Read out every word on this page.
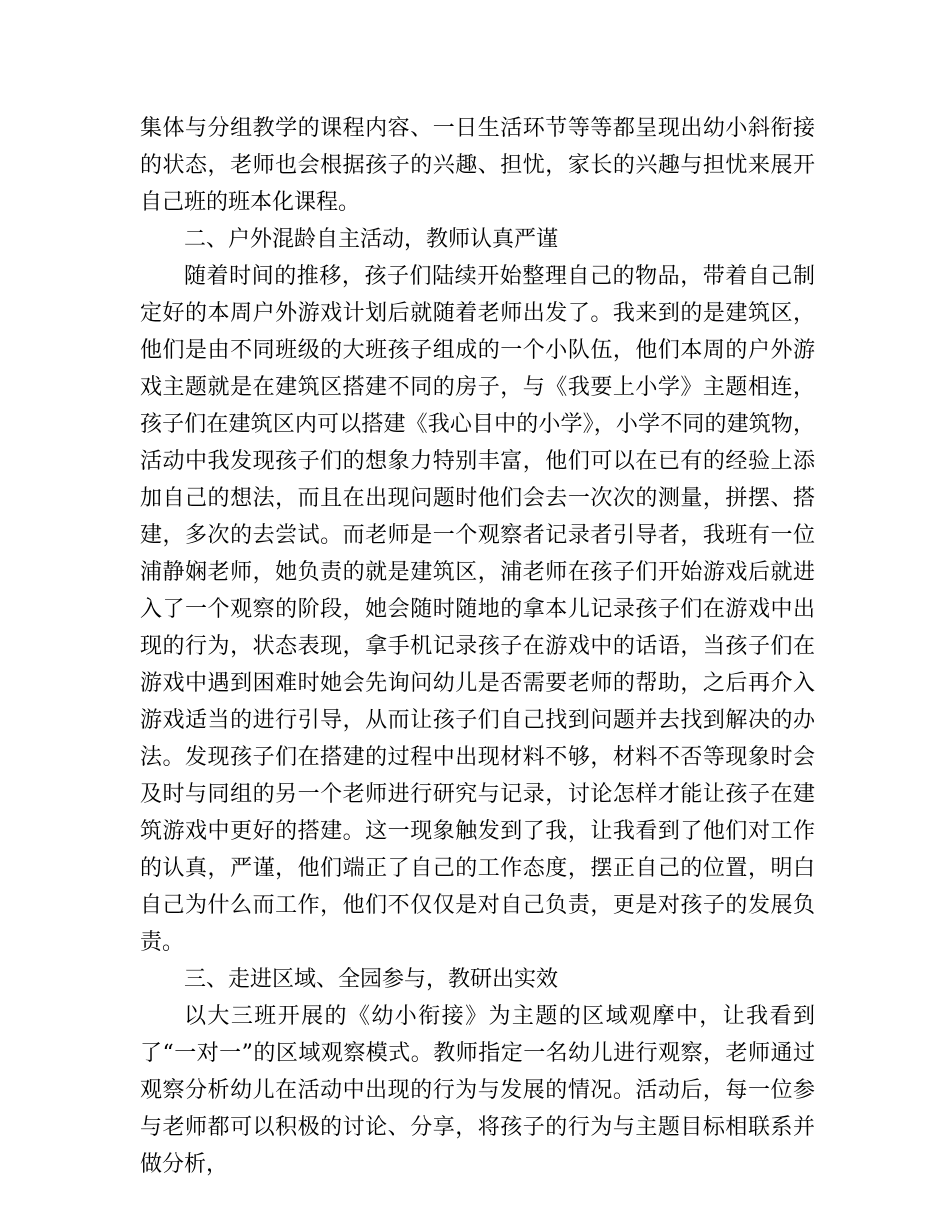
集体与分组教学的课程内容、一日生活环节等等都呈现出幼小斜衔接的状态，老师也会根据孩子的兴趣、担忧，家长的兴趣与担忧来展开自己班的班本化课程。

二、户外混龄自主活动，教师认真严谨

随着时间的推移，孩子们陆续开始整理自己的物品，带着自己制定好的本周户外游戏计划后就随着老师出发了。我来到的是建筑区，他们是由不同班级的大班孩子组成的一个小队伍，他们本周的户外游戏主题就是在建筑区搭建不同的房子，与《我要上小学》主题相连，孩子们在建筑区内可以搭建《我心目中的小学》，小学不同的建筑物，活动中我发现孩子们的想象力特别丰富，他们可以在已有的经验上添加自己的想法，而且在出现问题时他们会去一次次的测量，拼摆、搭建，多次的去尝试。而老师是一个观察者记录者引导者，我班有一位浦静娴老师，她负责的就是建筑区，浦老师在孩子们开始游戏后就进入了一个观察的阶段，她会随时随地的拿本儿记录孩子们在游戏中出现的行为，状态表现，拿手机记录孩子在游戏中的话语，当孩子们在游戏中遇到困难时她会先询问幼儿是否需要老师的帮助，之后再介入游戏适当的进行引导，从而让孩子们自己找到问题并去找到解决的办法。发现孩子们在搭建的过程中出现材料不够，材料不否等现象时会及时与同组的另一个老师进行研究与记录，讨论怎样才能让孩子在建筑游戏中更好的搭建。这一现象触发到了我，让我看到了他们对工作的认真，严谨，他们端正了自己的工作态度，摆正自己的位置，明白自己为什么而工作，他们不仅仅是对自己负责，更是对孩子的发展负责。

三、走进区域、全园参与，教研出实效

以大三班开展的《幼小衔接》为主题的区域观摩中，让我看到了“一对一”的区域观察模式。教师指定一名幼儿进行观察，老师通过观察分析幼儿在活动中出现的行为与发展的情况。活动后，每一位参与老师都可以积极的讨论、分享，将孩子的行为与主题目标相联系并做分析，
